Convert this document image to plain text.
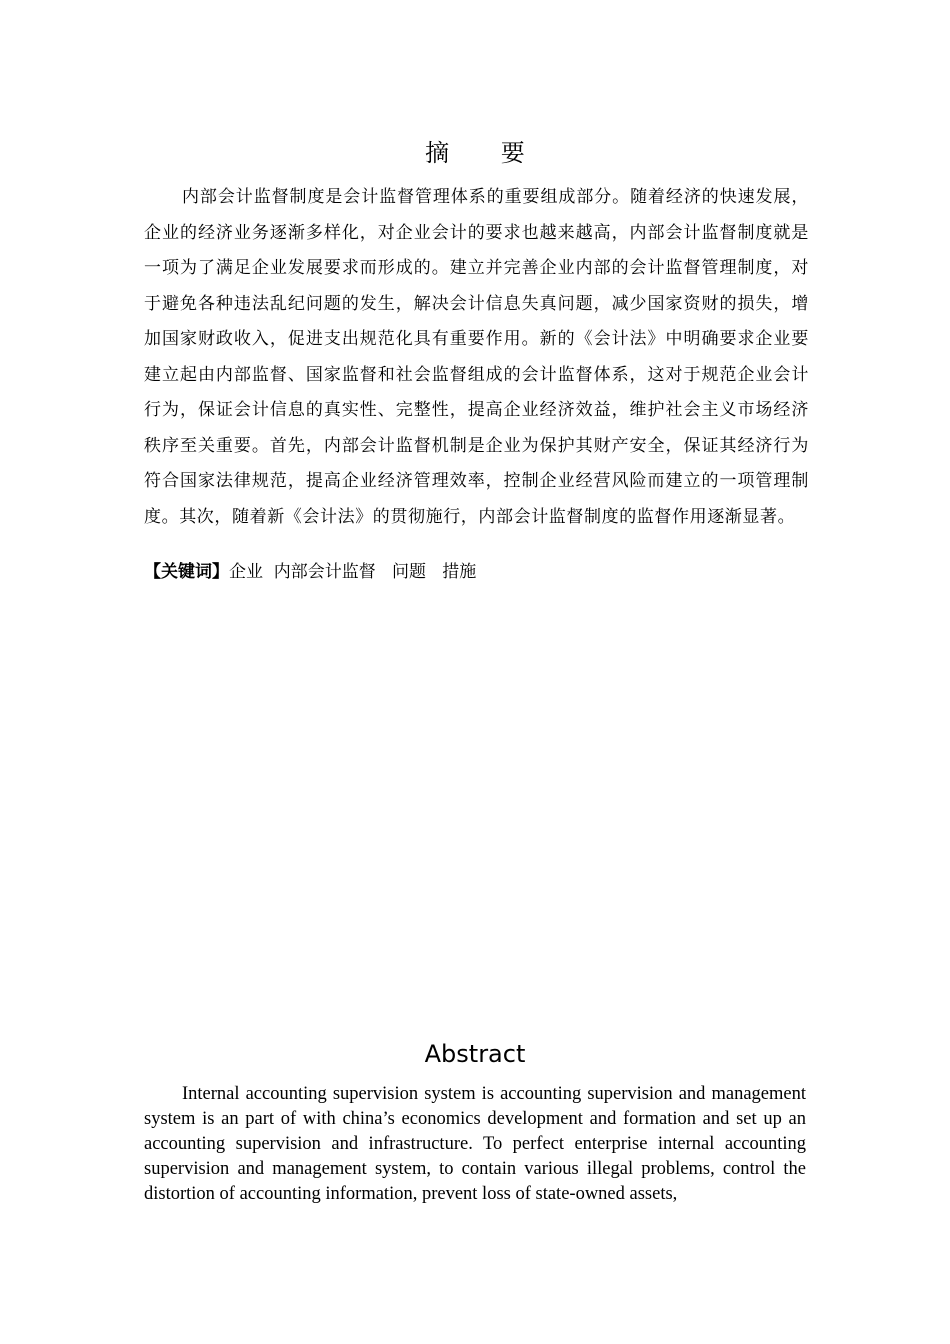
摘 要

内部会计监督制度是会计监督管理体系的重要组成部分。随着经济的快速发展，企业的经济业务逐渐多样化，对企业会计的要求也越来越高，内部会计监督制度就是一项为了满足企业发展要求而形成的。建立并完善企业内部的会计监督管理制度，对于避免各种违法乱纪问题的发生，解决会计信息失真问题，减少国家资财的损失，增加国家财政收入，促进支出规范化具有重要作用。新的《会计法》中明确要求企业要建立起由内部监督、国家监督和社会监督组成的会计监督体系，这对于规范企业会计行为，保证会计信息的真实性、完整性，提高企业经济效益，维护社会主义市场经济秩序至关重要。首先，内部会计监督机制是企业为保护其财产安全，保证其经济行为符合国家法律规范，提高企业经济管理效率，控制企业经营风险而建立的一项管理制度。其次，随着新《会计法》的贯彻施行，内部会计监督制度的监督作用逐渐显著。

【关键词】企业  内部会计监督   问题   措施

Abstract

Internal accounting supervision system is accounting supervision and management system is an part of with china’s economics development and formation and set up an accounting supervision and infrastructure. To perfect enterprise internal accounting supervision and management system, to contain various illegal problems, control the distortion of accounting information, prevent loss of state-owned assets,
